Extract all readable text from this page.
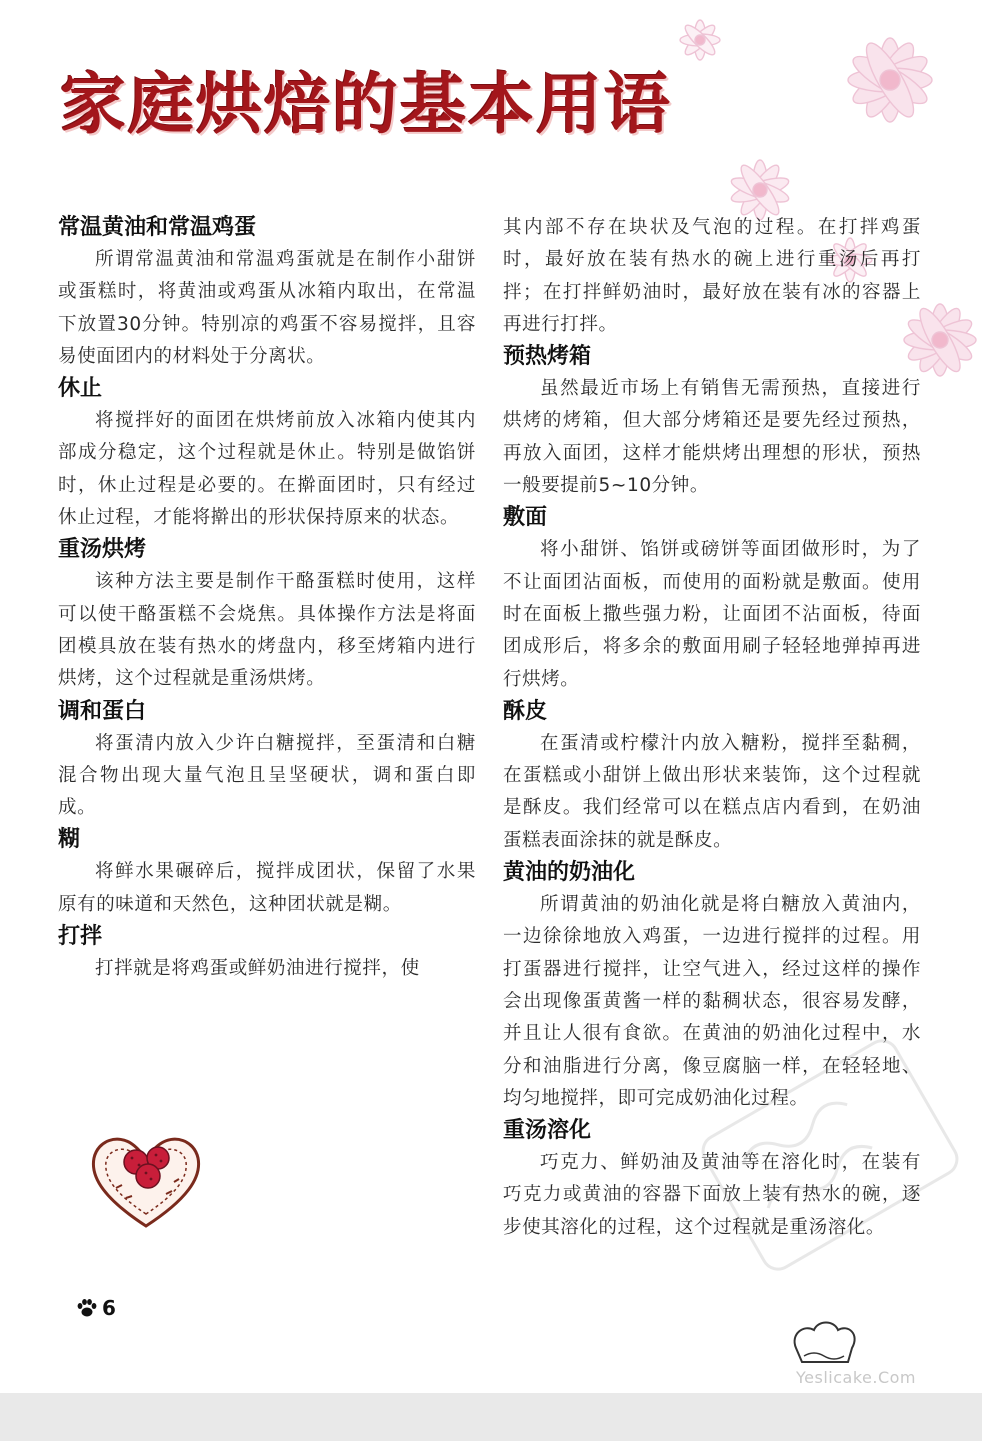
家庭烘焙的基本用语
常温黄油和常温鸡蛋

所谓常温黄油和常温鸡蛋就是在制作小甜饼或蛋糕时，将黄油或鸡蛋从冰箱内取出，在常温下放置30分钟。特别凉的鸡蛋不容易搅拌，且容易使面团内的材料处于分离状。

休止

将搅拌好的面团在烘烤前放入冰箱内使其内部成分稳定，这个过程就是休止。特别是做馅饼时，休止过程是必要的。在擀面团时，只有经过休止过程，才能将擀出的形状保持原来的状态。

重汤烘烤

该种方法主要是制作干酪蛋糕时使用，这样可以使干酪蛋糕不会烧焦。具体操作方法是将面团模具放在装有热水的烤盘内，移至烤箱内进行烘烤，这个过程就是重汤烘烤。

调和蛋白

将蛋清内放入少许白糖搅拌，至蛋清和白糖混合物出现大量气泡且呈坚硬状，调和蛋白即成。

糊

将鲜水果碾碎后，搅拌成团状，保留了水果原有的味道和天然色，这种团状就是糊。

打拌

打拌就是将鸡蛋或鲜奶油进行搅拌，使

其内部不存在块状及气泡的过程。在打拌鸡蛋时，最好放在装有热水的碗上进行重汤后再打拌；在打拌鲜奶油时，最好放在装有冰的容器上再进行打拌。

预热烤箱

虽然最近市场上有销售无需预热，直接进行烘烤的烤箱，但大部分烤箱还是要先经过预热，再放入面团，这样才能烘烤出理想的形状，预热一般要提前5~10分钟。

敷面

将小甜饼、馅饼或磅饼等面团做形时，为了不让面团沾面板，而使用的面粉就是敷面。使用时在面板上撒些强力粉，让面团不沾面板，待面团成形后，将多余的敷面用刷子轻轻地弹掉再进行烘烤。

酥皮

在蛋清或柠檬汁内放入糖粉，搅拌至黏稠，在蛋糕或小甜饼上做出形状来装饰，这个过程就是酥皮。我们经常可以在糕点店内看到，在奶油蛋糕表面涂抹的就是酥皮。

黄油的奶油化

所谓黄油的奶油化就是将白糖放入黄油内，一边徐徐地放入鸡蛋，一边进行搅拌的过程。用打蛋器进行搅拌，让空气进入，经过这样的操作会出现像蛋黄酱一样的黏稠状态，很容易发酵，并且让人很有食欲。在黄油的奶油化过程中，水分和油脂进行分离，像豆腐脑一样，在轻轻地、均匀地搅拌，即可完成奶油化过程。

重汤溶化

巧克力、鲜奶油及黄油等在溶化时，在装有巧克力或黄油的容器下面放上装有热水的碗，逐步使其溶化的过程，这个过程就是重汤溶化。

6
Yeslicake.Com
